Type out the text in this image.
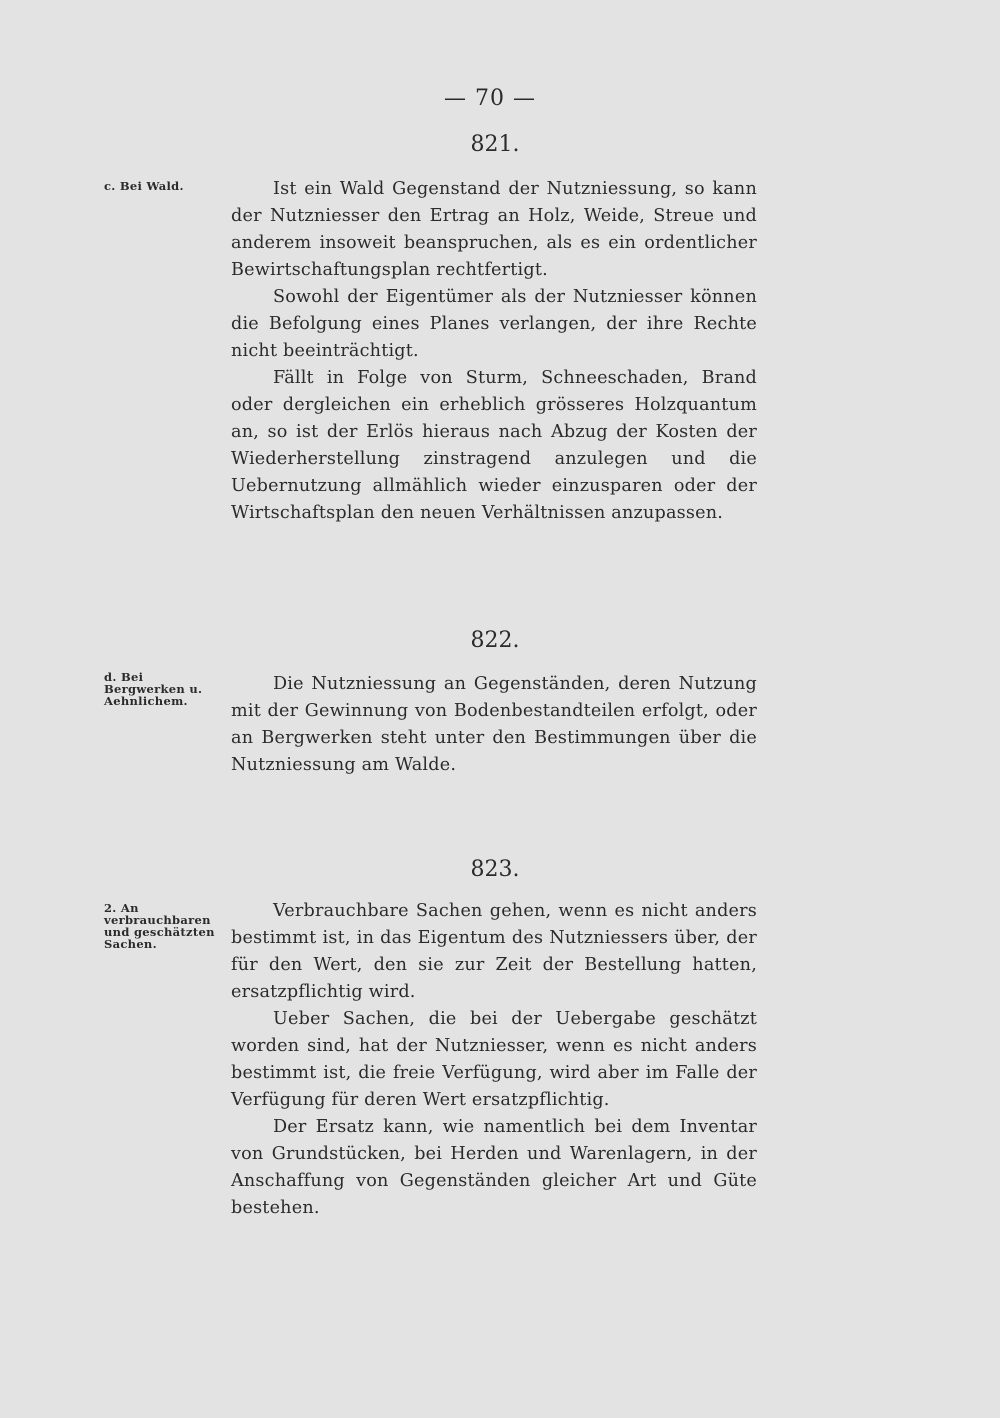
— 70 —
821.
c. Bei Wald.	Ist ein Wald Gegenstand der Nutzniessung, so kann der Nutzniesser den Ertrag an Holz, Weide, Streue und anderem insoweit beanspruchen, als es ein ordentlicher Bewirtschaftungsplan rechtfertigt.

Sowohl der Eigentümer als der Nutzniesser können die Befolgung eines Planes verlangen, der ihre Rechte nicht beeinträchtigt.

Fällt in Folge von Sturm, Schneeschaden, Brand oder dergleichen ein erheblich grösseres Holzquantum an, so ist der Erlös hieraus nach Abzug der Kosten der Wiederherstellung zinstragend anzulegen und die Uebernutzung allmählich wieder einzusparen oder der Wirtschaftsplan den neuen Verhältnissen anzupassen.

822.
d. Bei Bergwerken u. Aehnlichem.

Die Nutzniessung an Gegenständen, deren Nutzung mit der Gewinnung von Bodenbestandteilen erfolgt, oder an Bergwerken steht unter den Bestimmungen über die Nutzniessung am Walde.

823.
2. An verbrauchbaren und geschätzten Sachen.

Verbrauchbare Sachen gehen, wenn es nicht anders bestimmt ist, in das Eigentum des Nutzniessers über, der für den Wert, den sie zur Zeit der Bestellung hatten, ersatzpflichtig wird.

Ueber Sachen, die bei der Uebergabe geschätzt worden sind, hat der Nutzniesser, wenn es nicht anders bestimmt ist, die freie Verfügung, wird aber im Falle der Verfügung für deren Wert ersatzpflichtig.

Der Ersatz kann, wie namentlich bei dem Inventar von Grundstücken, bei Herden und Warenlagern, in der Anschaffung von Gegenständen gleicher Art und Güte bestehen.
